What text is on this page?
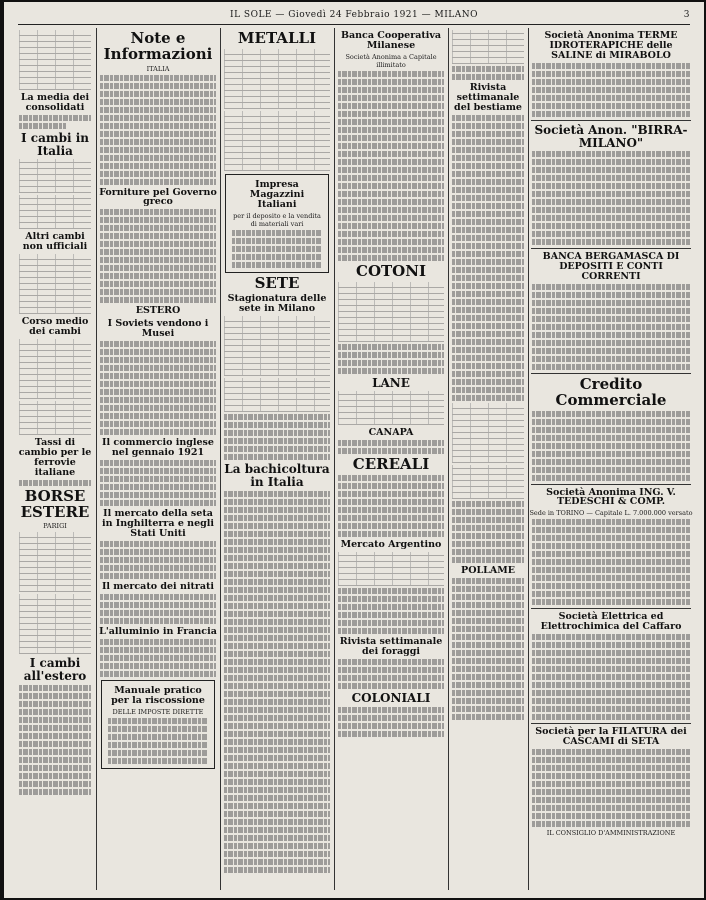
IL SOLE — Giovedì 24 Febbraio 1921 — MILANO	3
La media dei consolidati
I cambi in Italia
Altri cambi non ufficiali
Corso medio dei cambi
Tassi di cambio per le ferrovie italiane
BORSE ESTERE
PARIGI
I cambi all'estero
Note e Informazioni
ITALIA
Forniture pel Governo greco
ESTERO
I Soviets vendono i Musei
Il commercio inglese nel gennaio 1921
Il mercato della seta in Inghilterra e negli Stati Uniti
Il mercato dei nitrati
L'alluminio in Francia
Manuale pratico per la riscossione
DELLE IMPOSTE DIRETTE
METALLI
Impresa Magazzini Italiani
per il deposito e la vendita di materiali vari
SETE
Stagionatura delle sete in Milano
La bachicoltura in Italia
Banca Cooperativa Milanese
Società Anonima a Capitale illimitato
COTONI
LANE
CANAPA
CEREALI
Mercato Argentino
Rivista settimanale dei foraggi
COLONIALI
Rivista settimanale del bestiame
POLLAME
Società Anonima TERME IDROTERAPICHE delle SALINE di MIRABOLO
Società Anon. "BIRRA-MILANO"
BANCA BERGAMASCA DI DEPOSITI E CONTI CORRENTI
Credito Commerciale
Società Anonima ING. V. TEDESCHI & COMP.
Sede in TORINO — Capitale L. 7.000.000 versato
Società Elettrica ed Elettrochimica del Caffaro
Società per la FILATURA dei CASCAMI di SETA
IL CONSIGLIO D'AMMINISTRAZIONE
